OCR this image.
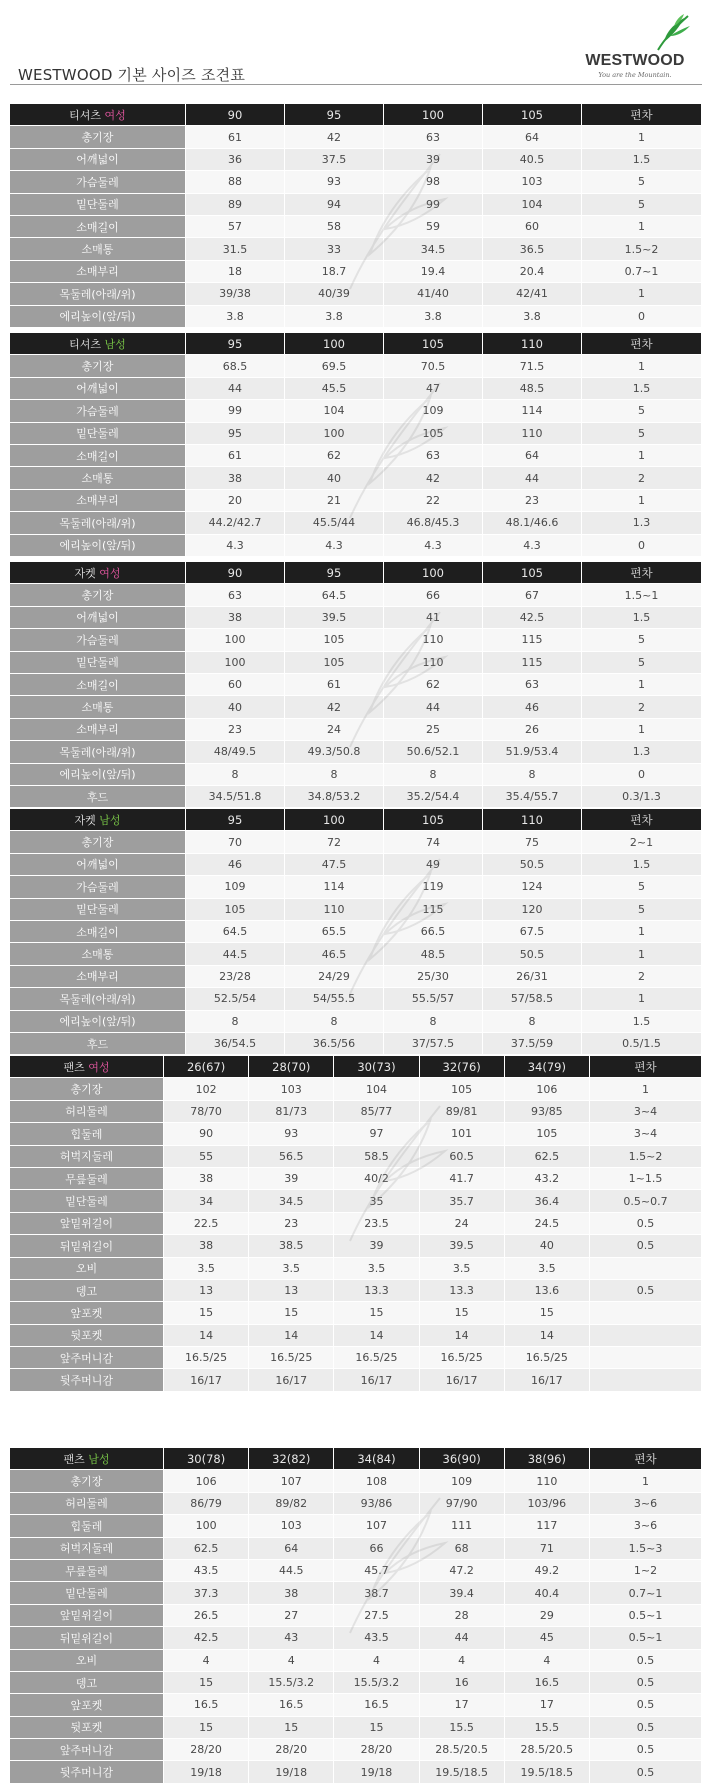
WESTWOOD 기본 사이즈 조견표
WESTWOOD
You are the Mountain.
티셔츠 여성	90	95	100	105	편차
총기장	61	42	63	64	1
어깨넓이	36	37.5	39	40.5	1.5
가슴둘레	88	93	98	103	5
밑단둘레	89	94	99	104	5
소매길이	57	58	59	60	1
소매통	31.5	33	34.5	36.5	1.5~2
소매부리	18	18.7	19.4	20.4	0.7~1
목둘레(아래/위)	39/38	40/39	41/40	42/41	1
에리높이(앞/뒤)	3.8	3.8	3.8	3.8	0
티셔츠 남성	95	100	105	110	편차
총기장	68.5	69.5	70.5	71.5	1
어깨넓이	44	45.5	47	48.5	1.5
가슴둘레	99	104	109	114	5
밑단둘레	95	100	105	110	5
소매길이	61	62	63	64	1
소매통	38	40	42	44	2
소매부리	20	21	22	23	1
목둘레(아래/위)	44.2/42.7	45.5/44	46.8/45.3	48.1/46.6	1.3
에리높이(앞/뒤)	4.3	4.3	4.3	4.3	0
자켓 여성	90	95	100	105	편차
총기장	63	64.5	66	67	1.5~1
어깨넓이	38	39.5	41	42.5	1.5
가슴둘레	100	105	110	115	5
밑단둘레	100	105	110	115	5
소매길이	60	61	62	63	1
소매통	40	42	44	46	2
소매부리	23	24	25	26	1
목둘레(아래/위)	48/49.5	49.3/50.8	50.6/52.1	51.9/53.4	1.3
에리높이(앞/뒤)	8	8	8	8	0
후드	34.5/51.8	34.8/53.2	35.2/54.4	35.4/55.7	0.3/1.3
자켓 남성	95	100	105	110	편차
총기장	70	72	74	75	2~1
어깨넓이	46	47.5	49	50.5	1.5
가슴둘레	109	114	119	124	5
밑단둘레	105	110	115	120	5
소매길이	64.5	65.5	66.5	67.5	1
소매통	44.5	46.5	48.5	50.5	1
소매부리	23/28	24/29	25/30	26/31	2
목둘레(아래/위)	52.5/54	54/55.5	55.5/57	57/58.5	1
에리높이(앞/뒤)	8	8	8	8	1.5
후드	36/54.5	36.5/56	37/57.5	37.5/59	0.5/1.5
팬츠 여성	26(67)	28(70)	30(73)	32(76)	34(79)	편차
총기장	102	103	104	105	106	1
허리둘레	78/70	81/73	85/77	89/81	93/85	3~4
힙둘레	90	93	97	101	105	3~4
허벅지둘레	55	56.5	58.5	60.5	62.5	1.5~2
무릎둘레	38	39	40/2	41.7	43.2	1~1.5
밑단둘레	34	34.5	35	35.7	36.4	0.5~0.7
앞밑위길이	22.5	23	23.5	24	24.5	0.5
뒤밑위길이	38	38.5	39	39.5	40	0.5
오비	3.5	3.5	3.5	3.5	3.5	
뎅고	13	13	13.3	13.3	13.6	0.5
앞포켓	15	15	15	15	15	
뒷포켓	14	14	14	14	14	
앞주머니감	16.5/25	16.5/25	16.5/25	16.5/25	16.5/25	
뒷주머니감	16/17	16/17	16/17	16/17	16/17	
팬츠 남성	30(78)	32(82)	34(84)	36(90)	38(96)	편차
총기장	106	107	108	109	110	1
허리둘레	86/79	89/82	93/86	97/90	103/96	3~6
힙둘레	100	103	107	111	117	3~6
허벅지둘레	62.5	64	66	68	71	1.5~3
무릎둘레	43.5	44.5	45.7	47.2	49.2	1~2
밑단둘레	37.3	38	38.7	39.4	40.4	0.7~1
앞밑위길이	26.5	27	27.5	28	29	0.5~1
뒤밑위길이	42.5	43	43.5	44	45	0.5~1
오비	4	4	4	4	4	0.5
뎅고	15	15.5/3.2	15.5/3.2	16	16.5	0.5
앞포켓	16.5	16.5	16.5	17	17	0.5
뒷포켓	15	15	15	15.5	15.5	0.5
앞주머니감	28/20	28/20	28/20	28.5/20.5	28.5/20.5	0.5
뒷주머니감	19/18	19/18	19/18	19.5/18.5	19.5/18.5	0.5
